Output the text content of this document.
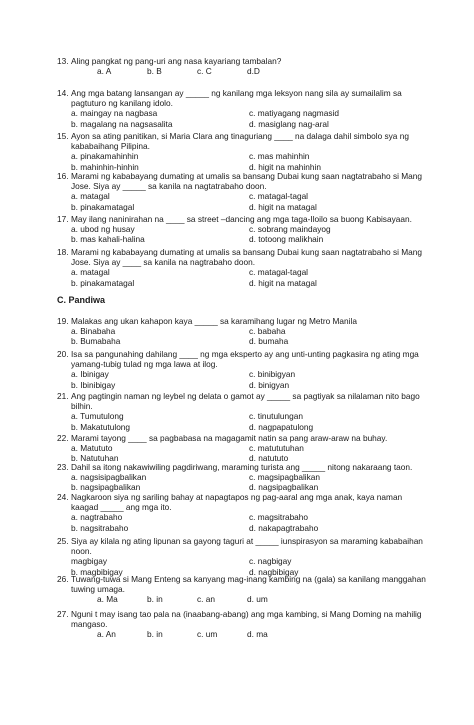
C. Pandiwa
13. Aling pangkat ng pang-uri ang nasa kayariang tambalan?
a. A	b. B	c. C	d.D
14. Ang mga batang lansangan ay _____ ng kanilang mga leksyon nang sila ay sumailalim sa pagtuturo ng kanilang idolo.
a. maingay na nagbasa	c. matiyagang nagmasid
b. magalang na nagsasalita	d. masiglang nag-aral
15. Ayon sa ating panitikan, si Maria Clara ang tinaguriang ____ na dalaga dahil simbolo sya ng kababaihang Pilipina.
a. pinakamahinhin	c. mas mahinhin
b. mahinhin-hinhin	d. higit na mahinhin
16. Marami ng kababayang dumating at umalis sa bansang Dubai kung saan nagtatrabaho si Mang Jose. Siya ay _____ sa kanila na nagtatrabaho doon.
a. matagal	c. matagal-tagal
b. pinakamatagal	d. higit na matagal
17. May ilang naninirahan na ____ sa street –dancing ang mga taga-Iloilo sa buong Kabisayaan.
a. ubod ng husay	c. sobrang maindayog
b. mas kahali-halina	d. totoong malikhain
18. Marami ng kababayang dumating at umalis sa bansang Dubai kung saan nagtatrabaho si Mang Jose. Siya ay ____ sa kanila na nagtrabaho doon.
a. matagal	c. matagal-tagal
b. pinakamatagal	d. higit na matagal
19. Malakas ang ukan kahapon kaya _____ sa karamihang lugar ng Metro Manila
a. Binabaha	c. babaha
b. Bumabaha	d. bumaha
20. Isa sa pangunahing dahilang ____ ng mga eksperto ay ang unti-unting pagkasira ng ating mga yamang-tubig tulad ng mga lawa at ilog.
a. Ibinigay	c. binibigyan
b. Ibinibigay	d. binigyan
21. Ang pagtingin naman ng leybel ng delata o gamot ay _____ sa pagtiyak sa nilalaman nito bago bilhin.
a. Tumutulong	c. tinutulungan
b. Makatutulong	d. nagpapatulong
22. Marami tayong ____ sa pagbabasa na magagamit natin sa pang araw-araw na buhay.
a. Matututo	c. matututuhan
b. Natutuhan	d. natututo
23. Dahil sa itong nakawiwiling pagdiriwang, maraming turista ang _____ nitong nakaraang taon.
a. nagsisipagbalikan	c. magsipagbalikan
b. nagsipagbalikan	d. nagsipagbalikan
24. Nagkaroon siya ng sariling bahay at napagtapos ng pag-aaral ang mga anak, kaya naman kaagad _____ ang mga ito.
a. nagtrabaho	c. magsitrabaho
b. nagsitrabaho	d. nakapagtrabaho
25. Siya ay kilala ng ating lipunan sa gayong taguri at _____ iunspirasyon sa maraming kababaihan noon.
magbigay	c. nagbigay
b. magbibigay	d. nagbibigay
26. Tuwang-tuwa si Mang Enteng sa kanyang mag-inang kambing na (gala) sa kanilang manggahan tuwing umaga.
a. Ma	b. in	c. an	d. um
27. Nguni t may isang tao pala na (inaabang-abang) ang mga kambing, si Mang Doming na mahilig mangaso.
a. An	b. in	c. um	d. ma
